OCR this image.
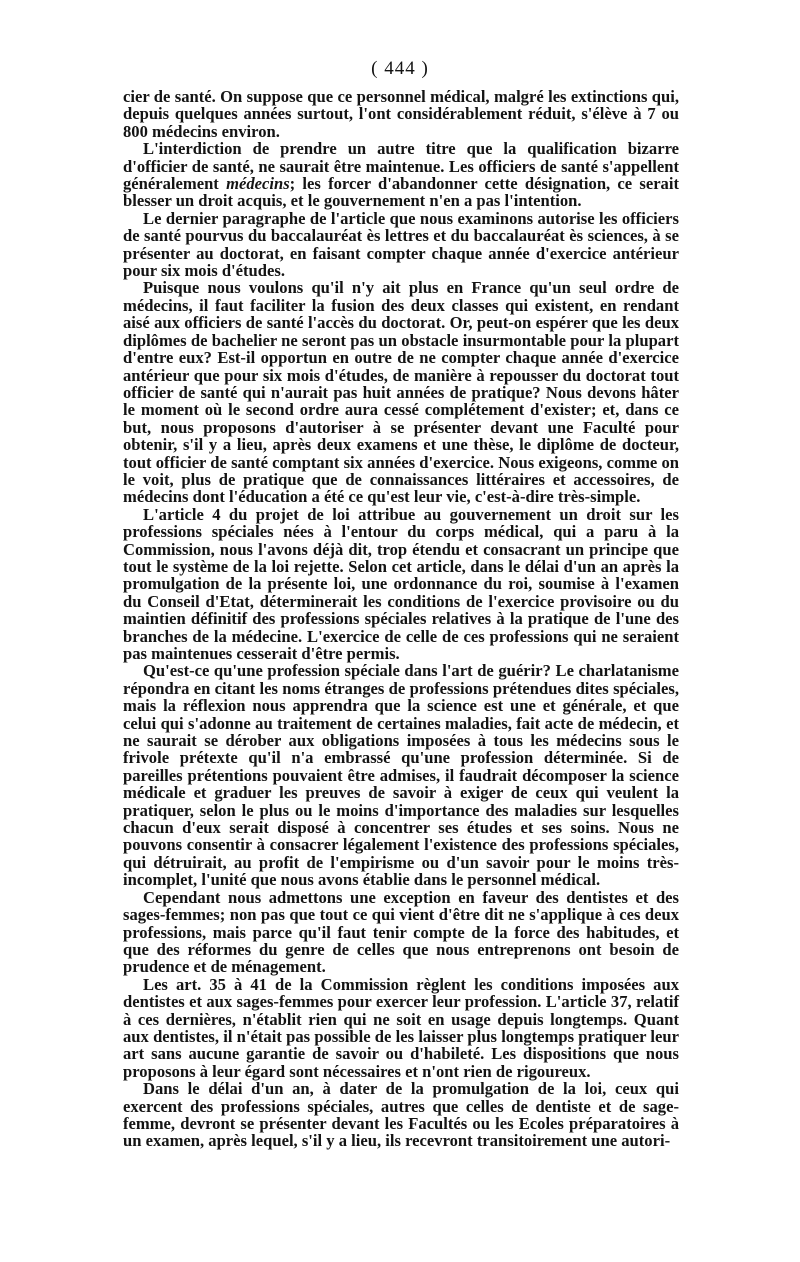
( 444 )

cier de santé. On suppose que ce personnel médical, malgré les extinctions qui, depuis quelques années surtout, l'ont considérablement réduit, s'élève à 7 ou 800 médecins environ.

L'interdiction de prendre un autre titre que la qualification bizarre d'officier de santé, ne saurait être maintenue. Les officiers de santé s'appellent généralement médecins; les forcer d'abandonner cette désignation, ce serait blesser un droit acquis, et le gouvernement n'en a pas l'intention.

Le dernier paragraphe de l'article que nous examinons autorise les officiers de santé pourvus du baccalauréat ès lettres et du baccalauréat ès sciences, à se présenter au doctorat, en faisant compter chaque année d'exercice antérieur pour six mois d'études.

Puisque nous voulons qu'il n'y ait plus en France qu'un seul ordre de médecins, il faut faciliter la fusion des deux classes qui existent, en rendant aisé aux officiers de santé l'accès du doctorat. Or, peut-on espérer que les deux diplômes de bachelier ne seront pas un obstacle insurmontable pour la plupart d'entre eux? Est-il opportun en outre de ne compter chaque année d'exercice antérieur que pour six mois d'études, de manière à repousser du doctorat tout officier de santé qui n'aurait pas huit années de pratique? Nous devons hâter le moment où le second ordre aura cessé complétement d'exister; et, dans ce but, nous proposons d'autoriser à se présenter devant une Faculté pour obtenir, s'il y a lieu, après deux examens et une thèse, le diplôme de docteur, tout officier de santé comptant six années d'exercice. Nous exigeons, comme on le voit, plus de pratique que de connaissances littéraires et accessoires, de médecins dont l'éducation a été ce qu'est leur vie, c'est-à-dire très-simple.

L'article 4 du projet de loi attribue au gouvernement un droit sur les professions spéciales nées à l'entour du corps médical, qui a paru à la Commission, nous l'avons déjà dit, trop étendu et consacrant un principe que tout le système de la loi rejette. Selon cet article, dans le délai d'un an après la promulgation de la présente loi, une ordonnance du roi, soumise à l'examen du Conseil d'Etat, déterminerait les conditions de l'exercice provisoire ou du maintien définitif des professions spéciales relatives à la pratique de l'une des branches de la médecine. L'exercice de celle de ces professions qui ne seraient pas maintenues cesserait d'être permis.

Qu'est-ce qu'une profession spéciale dans l'art de guérir? Le charlatanisme répondra en citant les noms étranges de professions prétendues dites spéciales, mais la réflexion nous apprendra que la science est une et générale, et que celui qui s'adonne au traitement de certaines maladies, fait acte de médecin, et ne saurait se dérober aux obligations imposées à tous les médecins sous le frivole prétexte qu'il n'a embrassé qu'une profession déterminée. Si de pareilles prétentions pouvaient être admises, il faudrait décomposer la science médicale et graduer les preuves de savoir à exiger de ceux qui veulent la pratiquer, selon le plus ou le moins d'importance des maladies sur lesquelles chacun d'eux serait disposé à concentrer ses études et ses soins. Nous ne pouvons consentir à consacrer légalement l'existence des professions spéciales, qui détruirait, au profit de l'empirisme ou d'un savoir pour le moins très-incomplet, l'unité que nous avons établie dans le personnel médical.

Cependant nous admettons une exception en faveur des dentistes et des sages-femmes; non pas que tout ce qui vient d'être dit ne s'applique à ces deux professions, mais parce qu'il faut tenir compte de la force des habitudes, et que des réformes du genre de celles que nous entreprenons ont besoin de prudence et de ménagement.

Les art. 35 à 41 de la Commission règlent les conditions imposées aux dentistes et aux sages-femmes pour exercer leur profession. L'article 37, relatif à ces dernières, n'établit rien qui ne soit en usage depuis longtemps. Quant aux dentistes, il n'était pas possible de les laisser plus longtemps pratiquer leur art sans aucune garantie de savoir ou d'habileté. Les dispositions que nous proposons à leur égard sont nécessaires et n'ont rien de rigoureux.

Dans le délai d'un an, à dater de la promulgation de la loi, ceux qui exercent des professions spéciales, autres que celles de dentiste et de sage-femme, devront se présenter devant les Facultés ou les Ecoles préparatoires à un examen, après lequel, s'il y a lieu, ils recevront transitoirement une autori-
